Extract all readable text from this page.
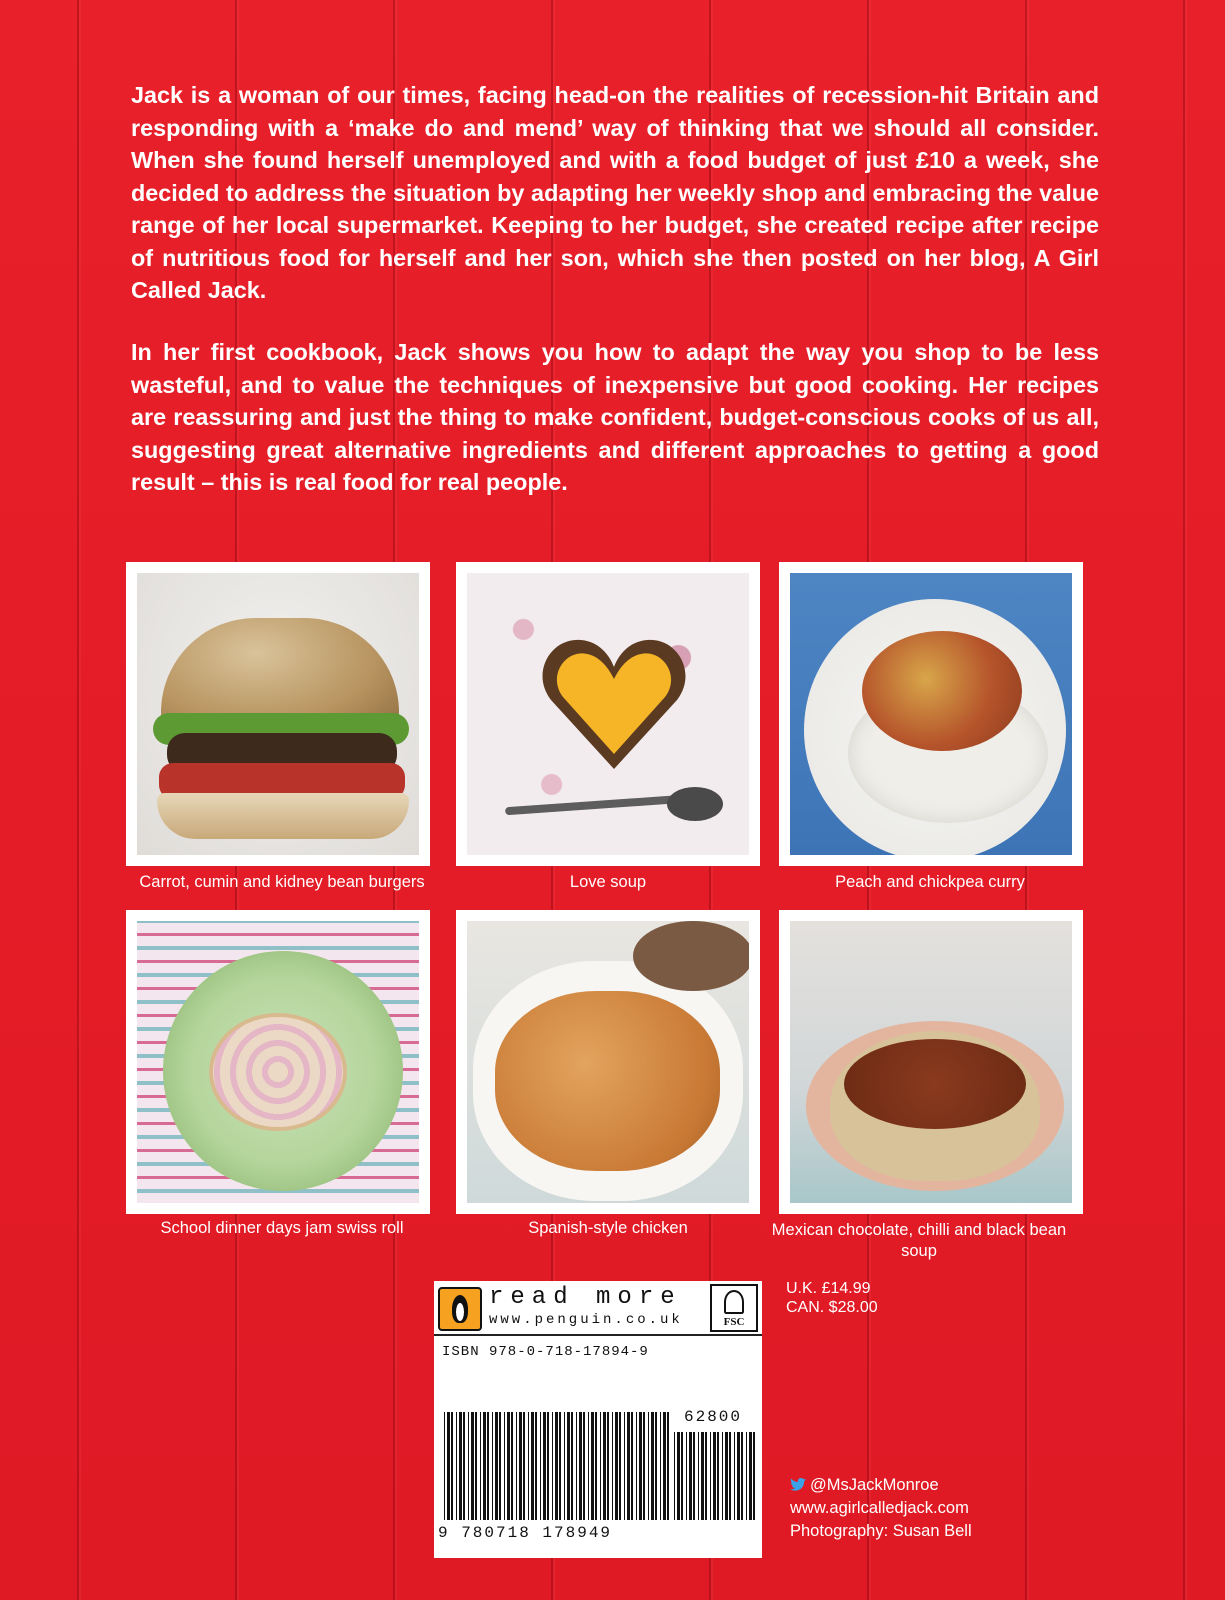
Jack is a woman of our times, facing head-on the realities of recession-hit Britain and responding with a ‘make do and mend’ way of thinking that we should all consider. When she found herself unemployed and with a food budget of just £10 a week, she decided to address the situation by adapting her weekly shop and embracing the value range of her local supermarket. Keeping to her budget, she created recipe after recipe of nutritious food for herself and her son, which she then posted on her blog, A Girl Called Jack.

In her first cookbook, Jack shows you how to adapt the way you shop to be less wasteful, and to value the techniques of inexpensive but good cooking. Her recipes are reassuring and just the thing to make confident, budget-conscious cooks of us all, suggesting great alternative ingredients and different approaches to getting a good result – this is real food for real people.

Carrot, cumin and kidney bean burgers	Love soup	Peach and chickpea curry
School dinner days jam swiss roll	Spanish-style chicken	Mexican chocolate, chilli and black bean soup
read more
www.penguin.co.uk	FSC
ISBN 978-0-718-17894-9
U.K. £14.99
CAN. $28.00
9 780718 178949
62800
@MsJackMonroe
www.agirlcalledjack.com
Photography: Susan Bell
